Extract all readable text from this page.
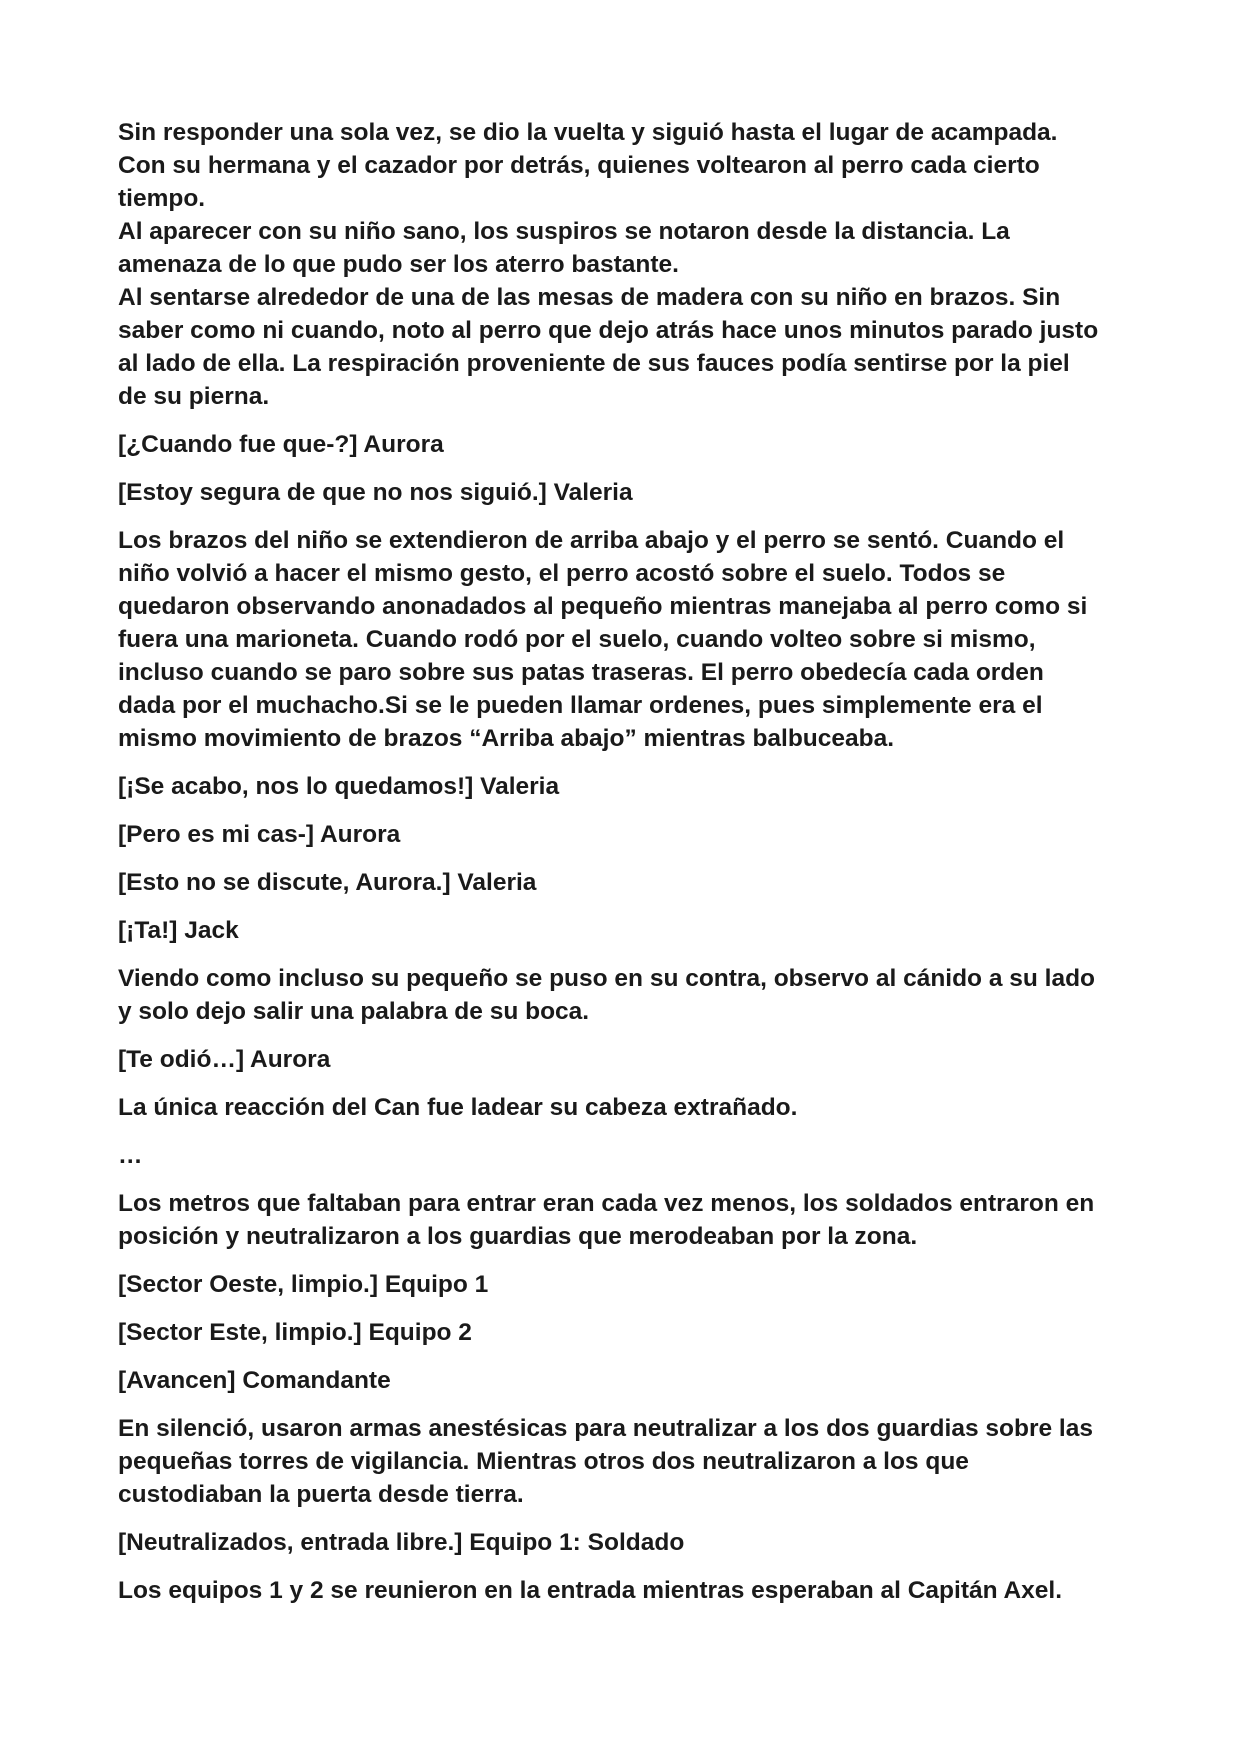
Sin responder una sola vez, se dio la vuelta y siguió hasta el lugar de acampada.
Con su hermana y el cazador por detrás, quienes voltearon al perro cada cierto
tiempo.
Al aparecer con su niño sano, los suspiros se notaron desde la distancia. La
amenaza de lo que pudo ser los aterro bastante.
Al sentarse alrededor de una de las mesas de madera con su niño en brazos. Sin
saber como ni cuando, noto al perro que dejo atrás hace unos minutos parado justo
al lado de ella. La respiración proveniente de sus fauces podía sentirse por la piel
de su pierna.
[¿Cuando fue que-?] Aurora
[Estoy segura de que no nos siguió.] Valeria
Los brazos del niño se extendieron de arriba abajo y el perro se sentó. Cuando el
niño volvió a hacer el mismo gesto, el perro acostó sobre el suelo. Todos se
quedaron observando anonadados al pequeño mientras manejaba al perro como si
fuera una marioneta. Cuando rodó por el suelo, cuando volteo sobre si mismo,
incluso cuando se paro sobre sus patas traseras. El perro obedecía cada orden
dada por el muchacho.Si se le pueden llamar ordenes, pues simplemente era el
mismo movimiento de brazos “Arriba abajo” mientras balbuceaba.
[¡Se acabo, nos lo quedamos!] Valeria
[Pero es mi cas-] Aurora
[Esto no se discute, Aurora.] Valeria
[¡Ta!] Jack
Viendo como incluso su pequeño se puso en su contra, observo al cánido a su lado
y solo dejo salir una palabra de su boca.
[Te odió…] Aurora
La única reacción del Can fue ladear su cabeza extrañado.
…
Los metros que faltaban para entrar eran cada vez menos, los soldados entraron en
posición y neutralizaron a los guardias que merodeaban por la zona.
[Sector Oeste, limpio.] Equipo 1
[Sector Este, limpio.] Equipo 2
[Avancen] Comandante
En silenció, usaron armas anestésicas para neutralizar a los dos guardias sobre las
pequeñas torres de vigilancia. Mientras otros dos neutralizaron a los que
custodiaban la puerta desde tierra.
[Neutralizados, entrada libre.] Equipo 1: Soldado
Los equipos 1 y 2 se reunieron en la entrada mientras esperaban al Capitán Axel.
